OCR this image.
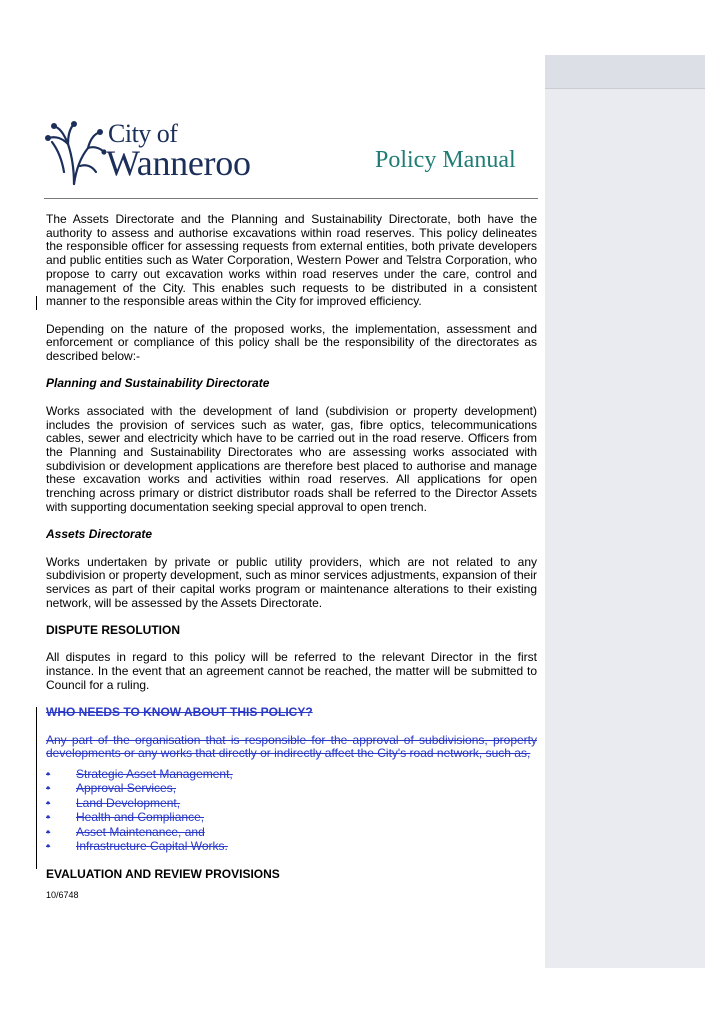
City of
Wanneroo	Policy Manual

The Assets Directorate and the Planning and Sustainability Directorate, both have the authority to assess and authorise excavations within road reserves. This policy delineates the responsible officer for assessing requests from external entities, both private developers and public entities such as Water Corporation, Western Power and Telstra Corporation, who propose to carry out excavation works within road reserves under the care, control and management of the City. This enables such requests to be distributed in a consistent manner to the responsible areas within the City for improved efficiency.

Depending on the nature of the proposed works, the implementation, assessment and enforcement or compliance of this policy shall be the responsibility of the directorates as described below:-

Planning and Sustainability Directorate

Works associated with the development of land (subdivision or property development) includes the provision of services such as water, gas, fibre optics, telecommunications cables, sewer and electricity which have to be carried out in the road reserve. Officers from the Planning and Sustainability Directorates who are assessing works associated with subdivision or development applications are therefore best placed to authorise and manage these excavation works and activities within road reserves. All applications for open trenching across primary or district distributor roads shall be referred to the Director Assets with supporting documentation seeking special approval to open trench.

Assets Directorate

Works undertaken by private or public utility providers, which are not related to any subdivision or property development, such as minor services adjustments, expansion of their services as part of their capital works program or maintenance alterations to their existing network, will be assessed by the Assets Directorate.

DISPUTE RESOLUTION

All disputes in regard to this policy will be referred to the relevant Director in the first instance. In the event that an agreement cannot be reached, the matter will be submitted to Council for a ruling.

WHO NEEDS TO KNOW ABOUT THIS POLICY?

Any part of the organisation that is responsible for the approval of subdivisions, property developments or any works that directly or indirectly affect the City's road network, such as,

•	Strategic Asset Management,
•	Approval Services,
•	Land Development,
•	Health and Compliance,
•	Asset Maintenance, and
•	Infrastructure Capital Works.
EVALUATION AND REVIEW PROVISIONS
10/6748
